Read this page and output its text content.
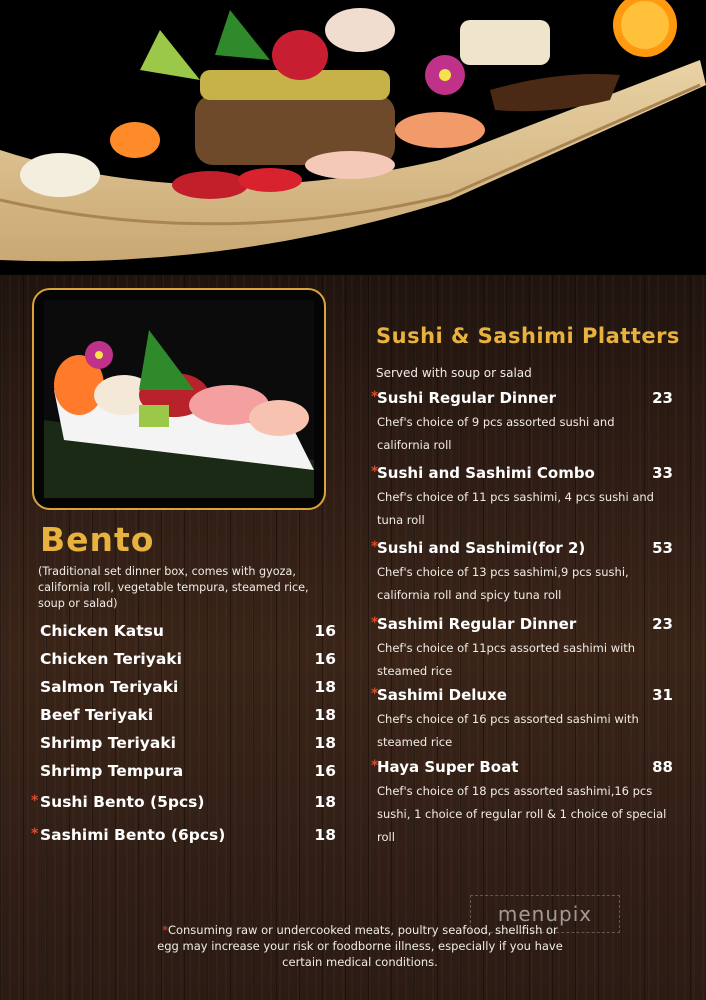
Bento
(Traditional set dinner box, comes with gyoza, california roll, vegetable tempura, steamed rice, soup or salad)
Chicken Katsu	16
Chicken Teriyaki	16
Salmon Teriyaki	18
Beef Teriyaki	18
Shrimp Teriyaki	18
Shrimp Tempura	16
* Sushi Bento (5pcs)	18
* Sashimi Bento (6pcs)	18
Sushi & Sashimi Platters
Served with soup or salad
*
Sushi Regular Dinner	23
Chef's choice of 9 pcs assorted sushi and california roll
*
Sushi and Sashimi Combo	33
Chef's choice of 11 pcs sashimi, 4 pcs sushi and tuna roll
*
Sushi and Sashimi(for 2)	53
Chef's choice of 13 pcs sashimi,9 pcs sushi, california roll and spicy tuna roll
*
Sashimi Regular Dinner	23
Chef's choice of 11pcs assorted sashimi with steamed rice
*
Sashimi Deluxe	31
Chef's choice of 16 pcs assorted sashimi with steamed rice
*
Haya Super Boat	88
Chef's choice of 18 pcs assorted sashimi,16 pcs sushi, 1 choice of regular roll & 1 choice of special roll
*Consuming raw or undercooked meats, poultry seafood, shellfish or egg may increase your risk or foodborne illness, especially if you have certain medical conditions.
menupix
